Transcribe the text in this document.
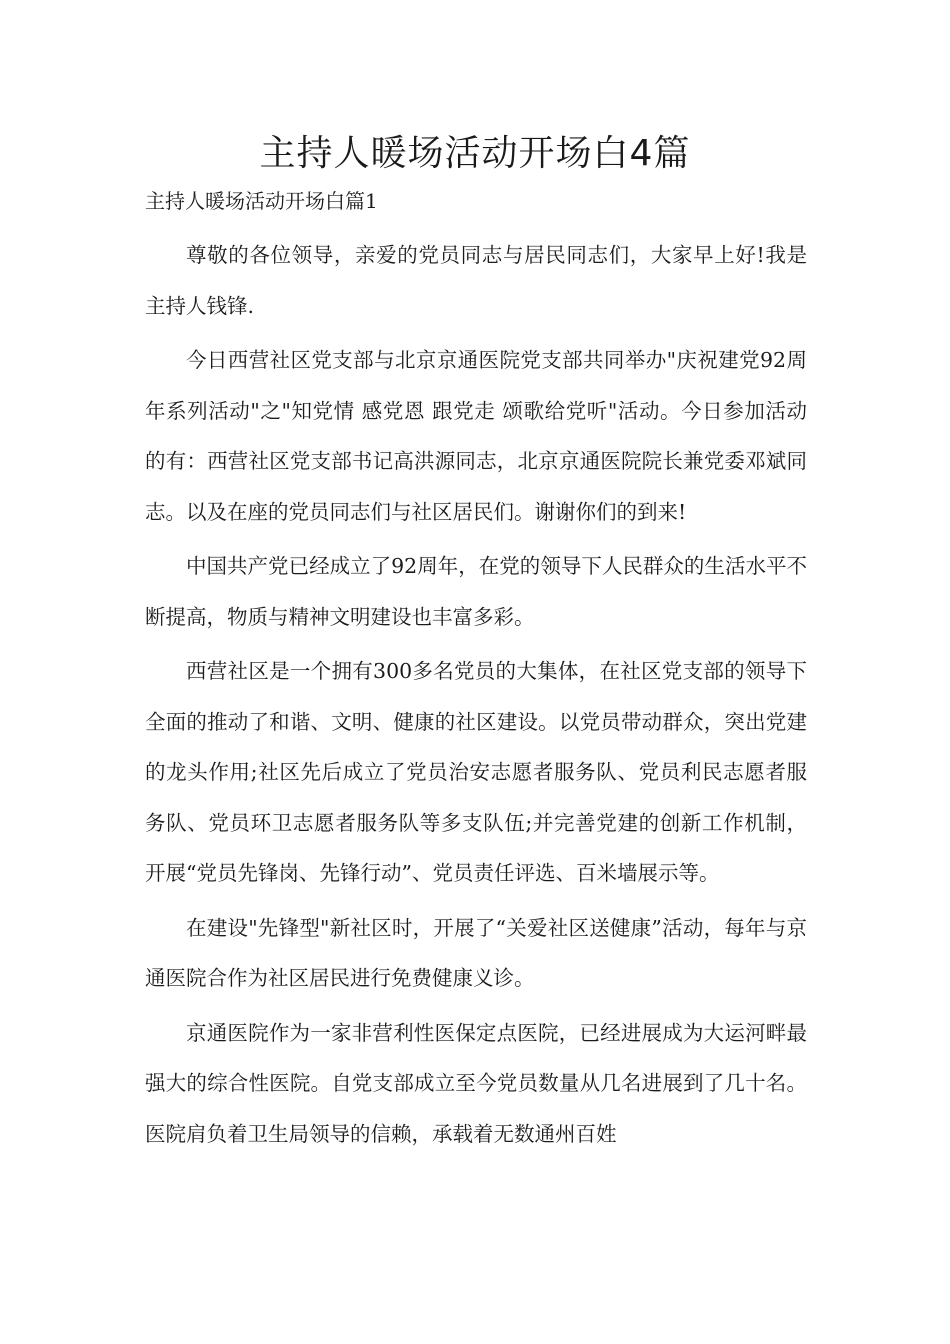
主持人暖场活动开场白4篇

主持人暖场活动开场白篇1

尊敬的各位领导，亲爱的党员同志与居民同志们，大家早上好!我是主持人钱锋.

今日西营社区党支部与北京京通医院党支部共同举办"庆祝建党92周年系列活动"之"知党情 感党恩 跟党走 颂歌给党听"活动。今日参加活动的有：西营社区党支部书记高洪源同志，北京京通医院院长兼党委邓斌同志。以及在座的党员同志们与社区居民们。谢谢你们的到来!

中国共产党已经成立了92周年，在党的领导下人民群众的生活水平不断提高，物质与精神文明建设也丰富多彩。

西营社区是一个拥有300多名党员的大集体，在社区党支部的领导下全面的推动了和谐、文明、健康的社区建设。以党员带动群众，突出党建的龙头作用;社区先后成立了党员治安志愿者服务队、党员利民志愿者服务队、党员环卫志愿者服务队等多支队伍;并完善党建的创新工作机制，开展“党员先锋岗、先锋行动”、党员责任评选、百米墙展示等。

在建设"先锋型"新社区时，开展了“关爱社区送健康”活动，每年与京通医院合作为社区居民进行免费健康义诊。

京通医院作为一家非营利性医保定点医院，已经进展成为大运河畔最强大的综合性医院。自党支部成立至今党员数量从几名进展到了几十名。医院肩负着卫生局领导的信赖，承载着无数通州百姓
